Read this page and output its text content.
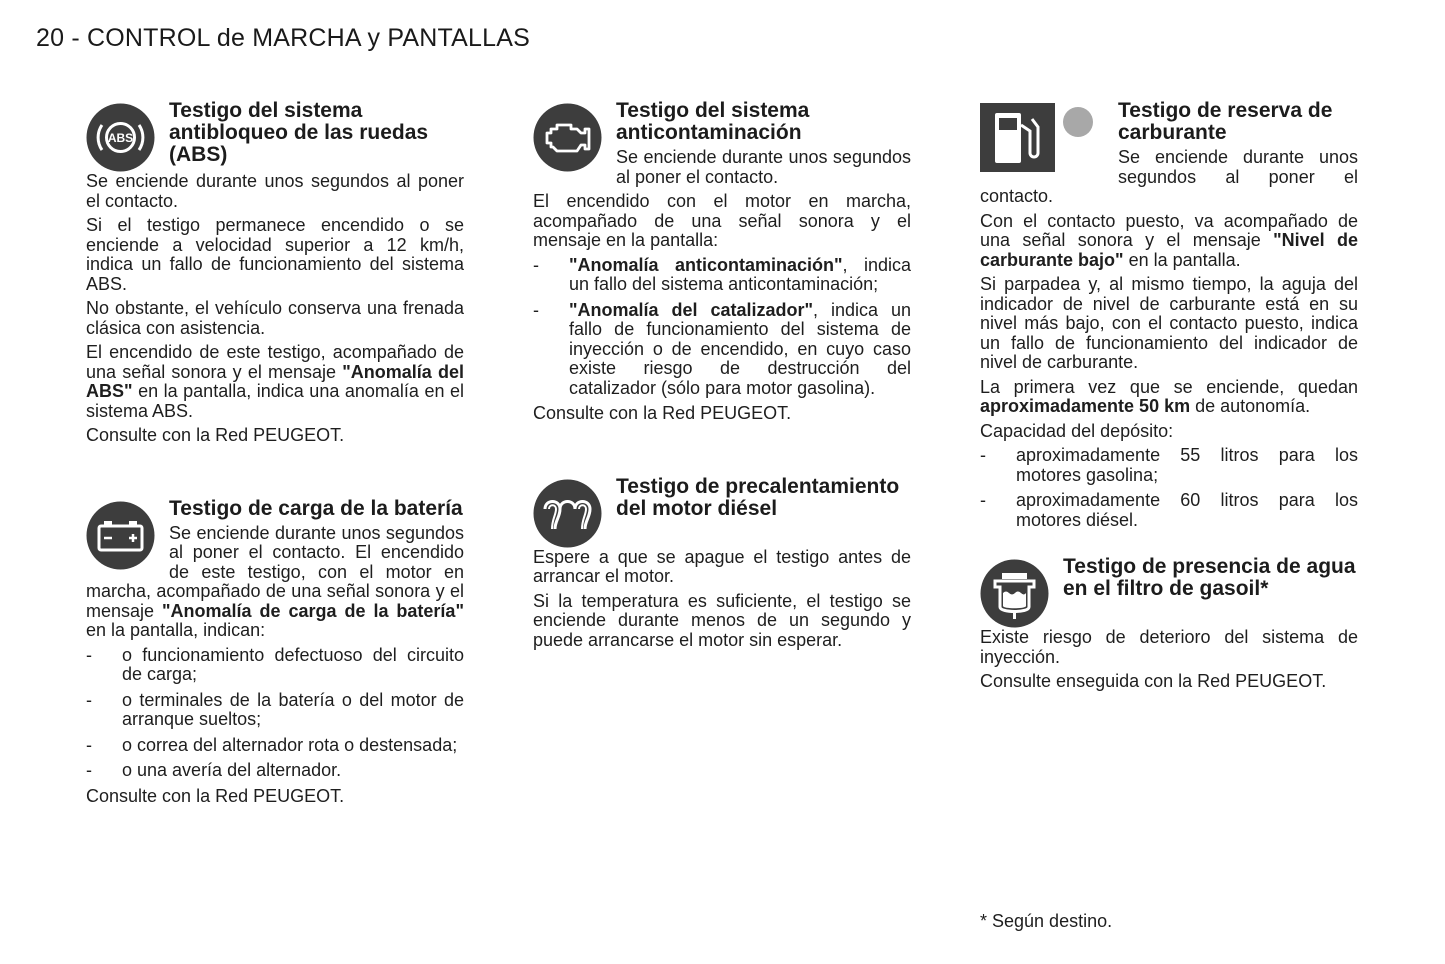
20 - CONTROL de MARCHA y PANTALLAS
ABS
Testigo del sistema antibloqueo de las ruedas (ABS)

Se enciende durante unos segundos al poner el contacto.

Si el testigo permanece encendido o se enciende a velocidad superior a 12 km/h, indica un fallo de funcionamiento del sistema ABS.

No obstante, el vehículo conserva una frenada clásica con asistencia.

El encendido de este testigo, acompañado de una señal sonora y el mensaje "Anomalía del ABS" en la pantalla, indica una anomalía en el sistema ABS.

Consulte con la Red PEUGEOT.

Testigo de carga de la batería

Se enciende durante unos segundos al poner el contacto. El encendido de este testigo, con el motor en marcha, acompañado de una señal sonora y el mensaje "Anomalía de carga de la batería" en la pantalla, indican:

- o funcionamiento defectuoso del circuito de carga;
- o terminales de la batería o del motor de arranque sueltos;
- o correa del alternador rota o destensada;
- o una avería del alternador.

Consulte con la Red PEUGEOT.

Testigo del sistema anticontaminación

Se enciende durante unos segundos al poner el contacto.

El encendido con el motor en marcha, acompañado de una señal sonora y el mensaje en la pantalla:

- "Anomalía anticontaminación", indica un fallo del sistema anticontaminación;
- "Anomalía del catalizador", indica un fallo de funcionamiento del sistema de inyección o de encendido, en cuyo caso existe riesgo de destrucción del catalizador (sólo para motor gasolina).

Consulte con la Red PEUGEOT.

Testigo de precalentamiento del motor diésel

Espere a que se apague el testigo antes de arrancar el motor.

Si la temperatura es suficiente, el testigo se enciende durante menos de un segundo y puede arrancarse el motor sin esperar.

Testigo de reserva de carburante

Se enciende durante unos segundos al poner el contacto.

Con el contacto puesto, va acompañado de una señal sonora y el mensaje "Nivel de carburante bajo" en la pantalla.

Si parpadea y, al mismo tiempo, la aguja del indicador de nivel de carburante está en su nivel más bajo, con el contacto puesto, indica un fallo de funcionamiento del indicador de nivel de carburante.

La primera vez que se enciende, quedan aproximadamente 50 km de autonomía.

Capacidad del depósito:

- aproximadamente 55 litros para los motores gasolina;
- aproximadamente 60 litros para los motores diésel.
Testigo de presencia de agua en el filtro de gasoil*

Existe riesgo de deterioro del sistema de inyección.

Consulte enseguida con la Red PEUGEOT.

* Según destino.
